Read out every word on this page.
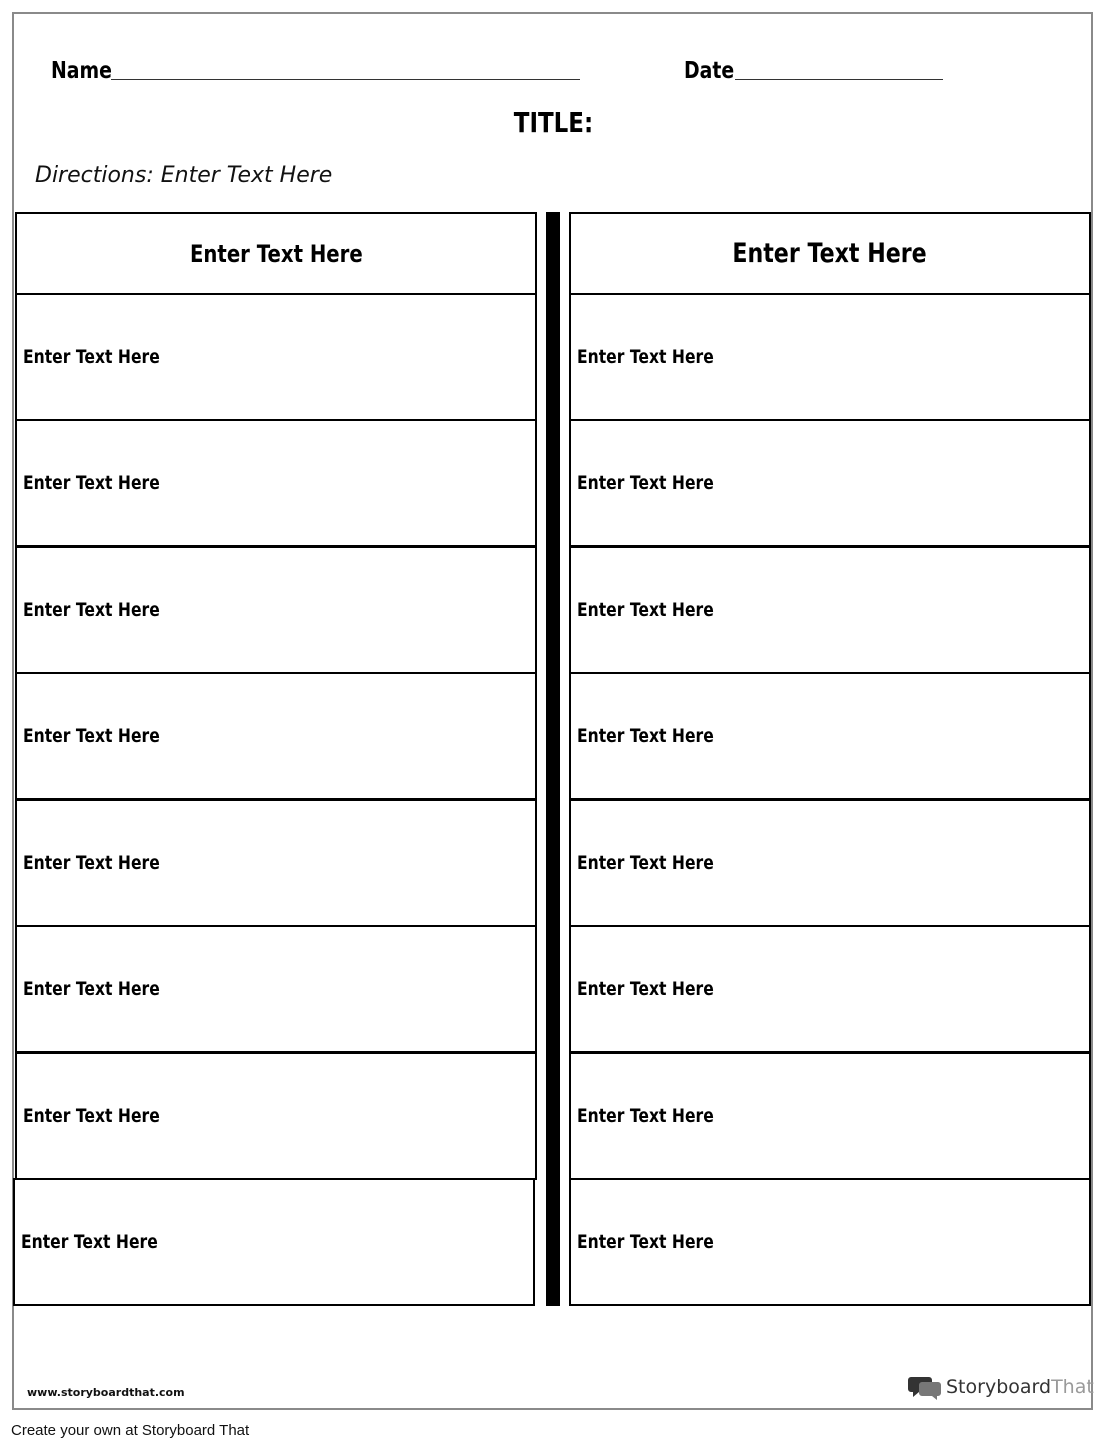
Name	Date
TITLE:
Directions: Enter Text Here
Enter Text Here
Enter Text Here
Enter Text Here
Enter Text Here
Enter Text Here
Enter Text Here
Enter Text Here
Enter Text Here
Enter Text Here
Enter Text Here
Enter Text Here
Enter Text Here
Enter Text Here
Enter Text Here
Enter Text Here
Enter Text Here
Enter Text Here
Enter Text Here
www.storyboardthat.com	Storyboard That
Create your own at Storyboard That
